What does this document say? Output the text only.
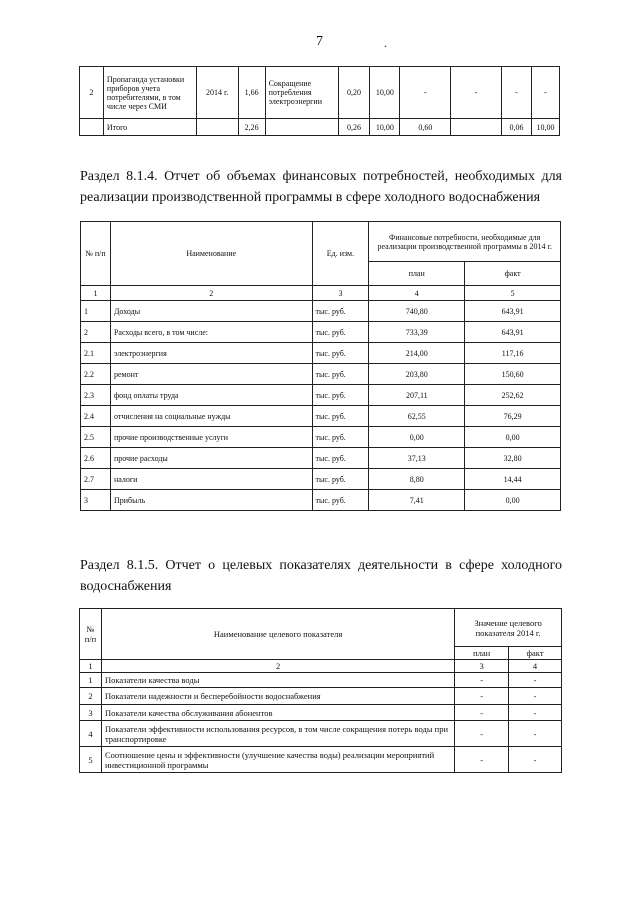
7	.
2	Пропаганда установки приборов учета потребителями, в том числе через СМИ	2014 г.	1,66	Сокращение потребления электроэнергии	0,20	10,00	-	-	-	-
	Итого		2,26		0,26	10,00	0,60		0,06	10,00
Раздел 8.1.4. Отчет об объемах финансовых потребностей, необходимых для реализации производственной программы в сфере холодного водоснабжения
№ п/п	Наименование	Ед. изм.	Финансовые потребности, необходимые для реализации производственной программы в 2014 г.	
			план	факт
1	2	3	4	5
1	Доходы	тыс. руб.	740,80	643,91
2	Расходы всего, в том числе:	тыс. руб.	733,39	643,91
2.1	электроэнергия	тыс. руб.	214,00	117,16
2.2	ремонт	тыс. руб.	203,80	150,60
2.3	фонд оплаты труда	тыс. руб.	207,11	252,62
2.4	отчисления на социальные нужды	тыс. руб.	62,55	76,29
2.5	прочие производственные услуги	тыс. руб.	0,00	0,00
2.6	прочие расходы	тыс. руб.	37,13	32,80
2.7	налоги	тыс. руб.	8,80	14,44
3	Прибыль	тыс. руб.	7,41	0,00
Раздел 8.1.5. Отчет о целевых показателях деятельности в сфере холодного водоснабжения
№ п/п	Наименование целевого показателя	Значение целевого показателя 2014 г.	
		план	факт
1	2	3	4
1	Показатели качества воды	-	-
2	Показатели надежности и бесперебойности водоснабжения	-	-
3	Показатели качества обслуживания абонентов	-	-
4	Показатели эффективности использования ресурсов, в том числе сокращения потерь воды при транспортировке	-	-
5	Соотношение цены и эффективности (улучшение качества воды) реализации мероприятий инвестиционной программы	-	-
